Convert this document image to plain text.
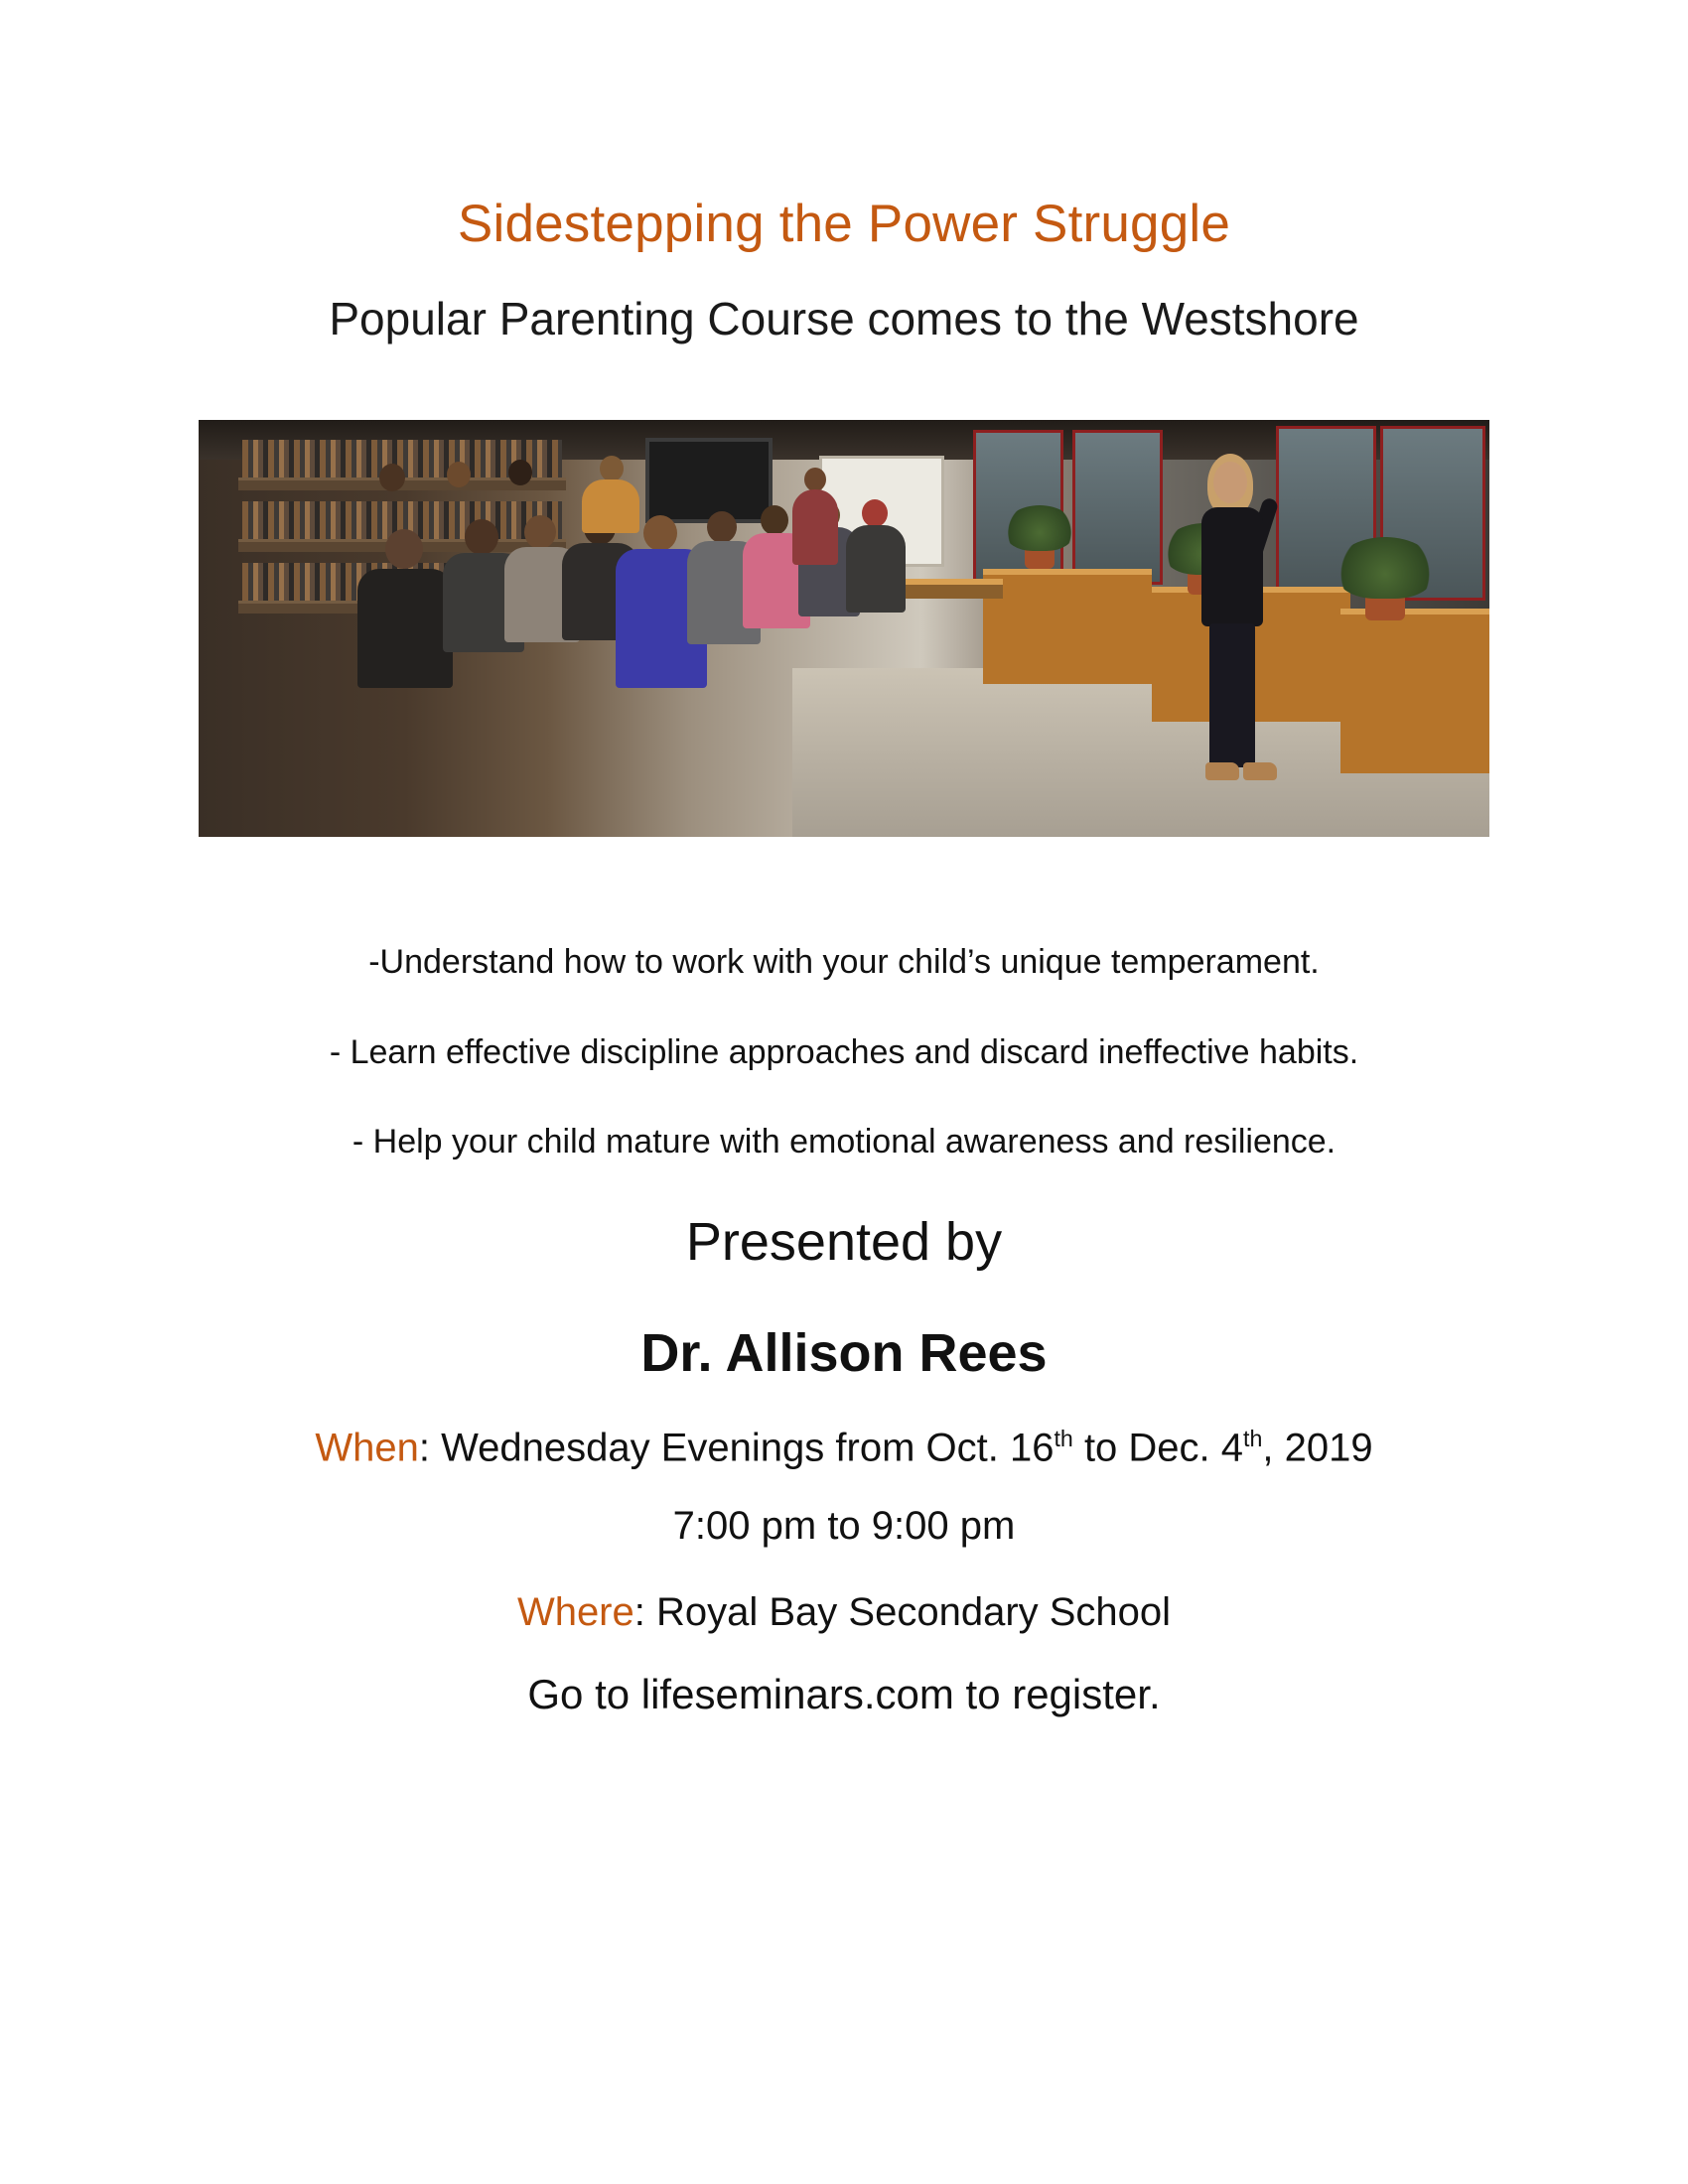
Sidestepping the Power Struggle
Popular Parenting Course comes to the Westshore
-Understand how to work with your child’s unique temperament.
- Learn effective discipline approaches and discard ineffective habits.
- Help your child mature with emotional awareness and resilience.
Presented by
Dr. Allison Rees
When: Wednesday Evenings from Oct. 16th to Dec. 4th, 2019
7:00 pm to 9:00 pm
Where: Royal Bay Secondary School
Go to lifeseminars.com to register.
